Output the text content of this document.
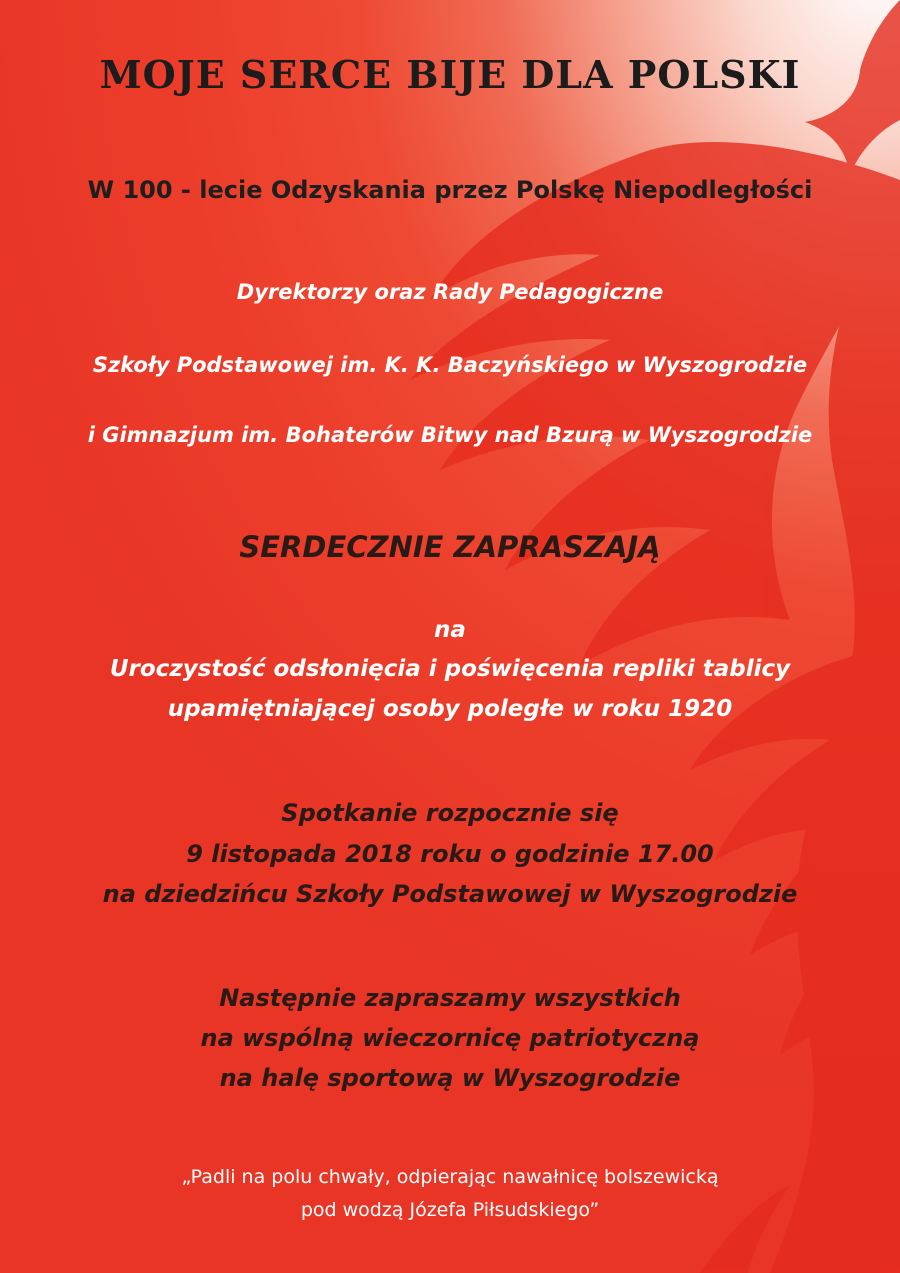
MOJE SERCE BIJE DLA POLSKI

W 100 - lecie Odzyskania przez Polskę Niepodległości

Dyrektorzy oraz Rady Pedagogiczne

Szkoły Podstawowej im. K. K. Baczyńskiego w Wyszogrodzie

i Gimnazjum im. Bohaterów Bitwy nad Bzurą w Wyszogrodzie

SERDECZNIE ZAPRASZAJĄ

na

Uroczystość odsłonięcia i poświęcenia repliki tablicy

upamiętniającej osoby poległe w roku 1920

Spotkanie rozpocznie się

9 listopada 2018 roku o godzinie 17.00

na dziedzińcu Szkoły Podstawowej w Wyszogrodzie

Następnie zapraszamy wszystkich

na wspólną wieczornicę patriotyczną

na halę sportową w Wyszogrodzie

„Padli na polu chwały, odpierając nawałnicę bolszewicką

pod wodzą Józefa Piłsudskiego”
